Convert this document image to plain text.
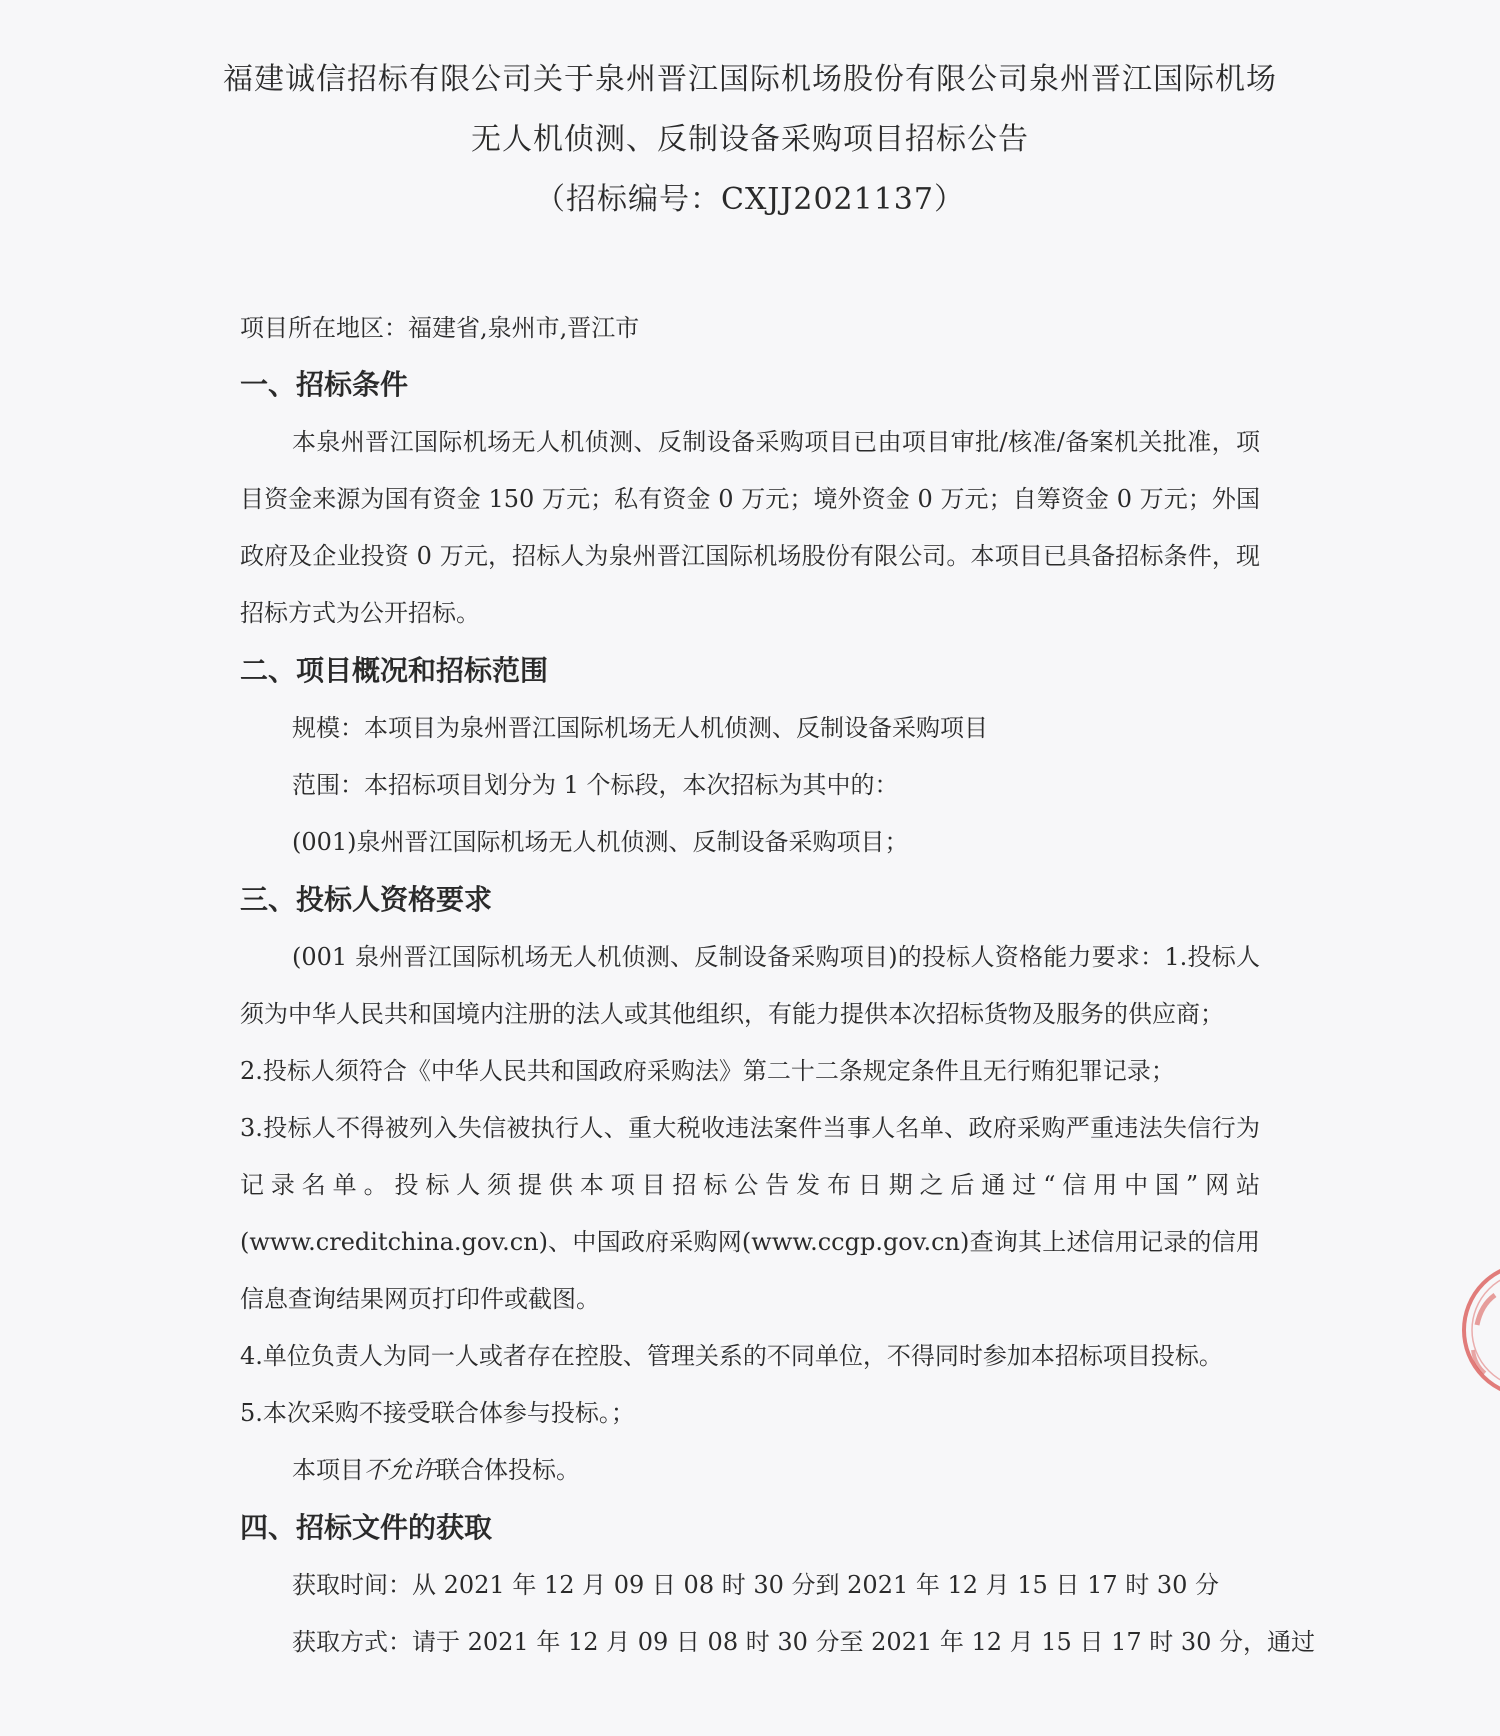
福建诚信招标有限公司关于泉州晋江国际机场股份有限公司泉州晋江国际机场
无人机侦测、反制设备采购项目招标公告
（招标编号：CXJJ2021137）
项目所在地区：福建省,泉州市,晋江市
一、招标条件

本泉州晋江国际机场无人机侦测、反制设备采购项目已由项目审批/核准/备案机关批准，项目资金来源为国有资金 150 万元；私有资金 0 万元；境外资金 0 万元；自筹资金 0 万元；外国政府及企业投资 0 万元，招标人为泉州晋江国际机场股份有限公司。本项目已具备招标条件，现招标方式为公开招标。

二、项目概况和招标范围
规模：本项目为泉州晋江国际机场无人机侦测、反制设备采购项目
范围：本招标项目划分为 1 个标段，本次招标为其中的：
(001)泉州晋江国际机场无人机侦测、反制设备采购项目；
三、投标人资格要求

(001 泉州晋江国际机场无人机侦测、反制设备采购项目)的投标人资格能力要求：1.投标人须为中华人民共和国境内注册的法人或其他组织，有能力提供本次招标货物及服务的供应商；

2.投标人须符合《中华人民共和国政府采购法》第二十二条规定条件且无行贿犯罪记录；

3.投标人不得被列入失信被执行人、重大税收违法案件当事人名单、政府采购严重违法失信行为记录名单。投标人须提供本项目招标公告发布日期之后通过“信用中国”网站(www.creditchina.gov.cn)、中国政府采购网(www.ccgp.gov.cn)查询其上述信用记录的信用信息查询结果网页打印件或截图。

4.单位负责人为同一人或者存在控股、管理关系的不同单位，不得同时参加本招标项目投标。
5.本次采购不接受联合体参与投标。；
本项目不允许联合体投标。
四、招标文件的获取
获取时间：从 2021 年 12 月 09 日 08 时 30 分到 2021 年 12 月 15 日 17 时 30 分
获取方式：请于 2021 年 12 月 09 日 08 时 30 分至 2021 年 12 月 15 日 17 时 30 分，通过
